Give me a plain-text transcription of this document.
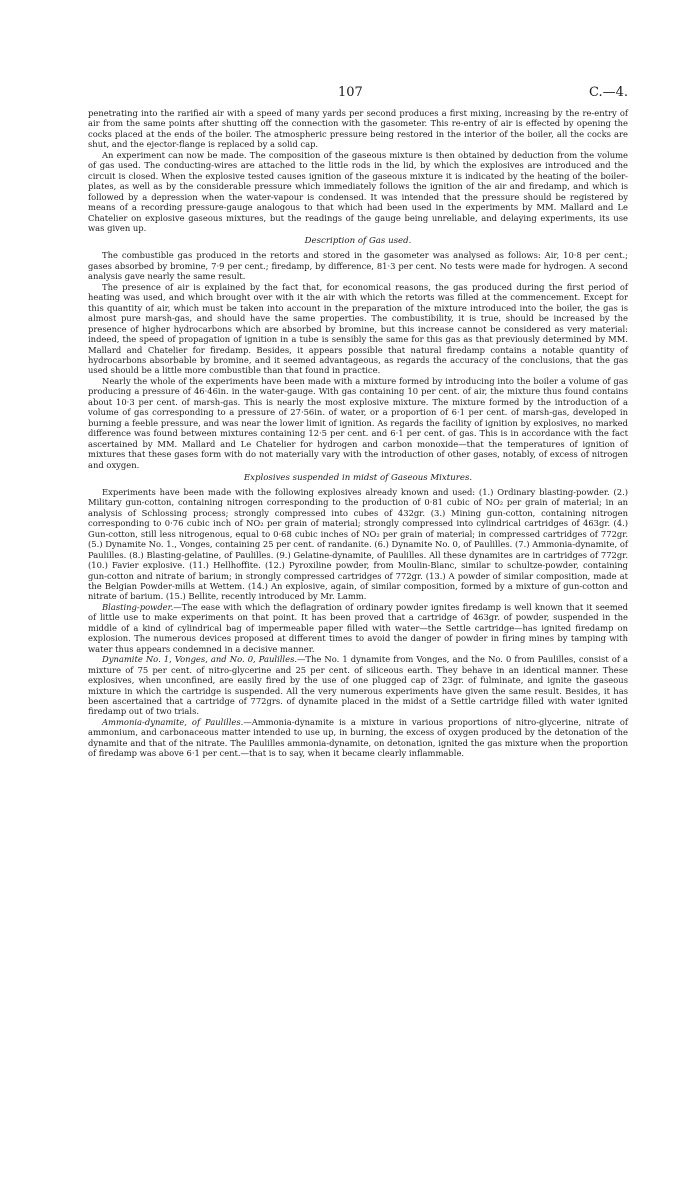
107	C.—4.

penetrating into the rarified air with a speed of many yards per second produces a first mixing, increasing by the re-entry of air from the same points after shutting off the connection with the gasometer. This re-entry of air is effected by opening the cocks placed at the ends of the boiler. The atmospheric pressure being restored in the interior of the boiler, all the cocks are shut, and the ejector-flange is replaced by a solid cap.

An experiment can now be made. The composition of the gaseous mixture is then obtained by deduction from the volume of gas used. The conducting-wires are attached to the little rods in the lid, by which the explosives are introduced and the circuit is closed. When the explosive tested causes ignition of the gaseous mixture it is indicated by the heating of the boiler-plates, as well as by the considerable pressure which immediately follows the ignition of the air and firedamp, and which is followed by a depression when the water-vapour is condensed. It was intended that the pressure should be registered by means of a recording pressure-gauge analogous to that which had been used in the experiments by MM. Mallard and Le Chatelier on explosive gaseous mixtures, but the readings of the gauge being unreliable, and delaying experiments, its use was given up.

Description of Gas used.

The combustible gas produced in the retorts and stored in the gasometer was analysed as follows: Air, 10·8 per cent.; gases absorbed by bromine, 7·9 per cent.; firedamp, by difference, 81·3 per cent. No tests were made for hydrogen. A second analysis gave nearly the same result.

The presence of air is explained by the fact that, for economical reasons, the gas produced during the first period of heating was used, and which brought over with it the air with which the retorts was filled at the commencement. Except for this quantity of air, which must be taken into account in the preparation of the mixture introduced into the boiler, the gas is almost pure marsh-gas, and should have the same properties. The combustibility, it is true, should be increased by the presence of higher hydrocarbons which are absorbed by bromine, but this increase cannot be considered as very material: indeed, the speed of propagation of ignition in a tube is sensibly the same for this gas as that previously determined by MM. Mallard and Chatelier for firedamp. Besides, it appears possible that natural firedamp contains a notable quantity of hydrocarbons absorbable by bromine, and it seemed advantageous, as regards the accuracy of the conclusions, that the gas used should be a little more combustible than that found in practice.

Nearly the whole of the experiments have been made with a mixture formed by introducing into the boiler a volume of gas producing a pressure of 46·46in. in the water-gauge. With gas containing 10 per cent. of air, the mixture thus found contains about 10·3 per cent. of marsh-gas. This is nearly the most explosive mixture. The mixture formed by the introduction of a volume of gas corresponding to a pressure of 27·56in. of water, or a proportion of 6·1 per cent. of marsh-gas, developed in burning a feeble pressure, and was near the lower limit of ignition. As regards the facility of ignition by explosives, no marked difference was found between mixtures containing 12·5 per cent. and 6·1 per cent. of gas. This is in accordance with the fact ascertained by MM. Mallard and Le Chatelier for hydrogen and carbon monoxide—that the temperatures of ignition of mixtures that these gases form with do not materially vary with the introduction of other gases, notably, of excess of nitrogen and oxygen.

Explosives suspended in midst of Gaseous Mixtures.

Experiments have been made with the following explosives already known and used: (1.) Ordinary blasting-powder. (2.) Military gun-cotton, containing nitrogen corresponding to the production of 0·81 cubic of NO₂ per grain of material; in an analysis of Schlossing process; strongly compressed into cubes of 432gr. (3.) Mining gun-cotton, containing nitrogen corresponding to 0·76 cubic inch of NO₂ per grain of material; strongly compressed into cylindrical cartridges of 463gr. (4.) Gun-cotton, still less nitrogenous, equal to 0·68 cubic inches of NO₂ per grain of material; in compressed cartridges of 772gr. (5.) Dynamite No. 1., Vonges, containing 25 per cent. of randanite. (6.) Dynamite No. 0, of Paulilles. (7.) Ammonia-dynamite, of Paulilles. (8.) Blasting-gelatine, of Paulilles. (9.) Gelatine-dynamite, of Paulilles. All these dynamites are in cartridges of 772gr. (10.) Favier explosive. (11.) Hellhoffite. (12.) Pyroxiline powder, from Moulin-Blanc, similar to schultze-powder, containing gun-cotton and nitrate of barium; in strongly compressed cartridges of 772gr. (13.) A powder of similar composition, made at the Belgian Powder-mills at Wettem. (14.) An explosive, again, of similar composition, formed by a mixture of gun-cotton and nitrate of barium. (15.) Bellite, recently introduced by Mr. Lamm.

Blasting-powder.—The ease with which the deflagration of ordinary powder ignites firedamp is well known that it seemed of little use to make experiments on that point. It has been proved that a cartridge of 463gr. of powder, suspended in the middle of a kind of cylindrical bag of impermeable paper filled with water—the Settle cartridge—has ignited firedamp on explosion. The numerous devices proposed at different times to avoid the danger of powder in firing mines by tamping with water thus appears condemned in a decisive manner.

Dynamite No. 1, Vonges, and No. 0, Paulilles.—The No. 1 dynamite from Vonges, and the No. 0 from Paulilles, consist of a mixture of 75 per cent. of nitro-glycerine and 25 per cent. of siliceous earth. They behave in an identical manner. These explosives, when unconfined, are easily fired by the use of one plugged cap of 23gr. of fulminate, and ignite the gaseous mixture in which the cartridge is suspended. All the very numerous experiments have given the same result. Besides, it has been ascertained that a cartridge of 772grs. of dynamite placed in the midst of a Settle cartridge filled with water ignited firedamp out of two trials.

Ammonia-dynamite, of Paulilles.—Ammonia-dynamite is a mixture in various proportions of nitro-glycerine, nitrate of ammonium, and carbonaceous matter intended to use up, in burning, the excess of oxygen produced by the detonation of the dynamite and that of the nitrate. The Paulilles ammonia-dynamite, on detonation, ignited the gas mixture when the proportion of firedamp was above 6·1 per cent.—that is to say, when it became clearly inflammable.
